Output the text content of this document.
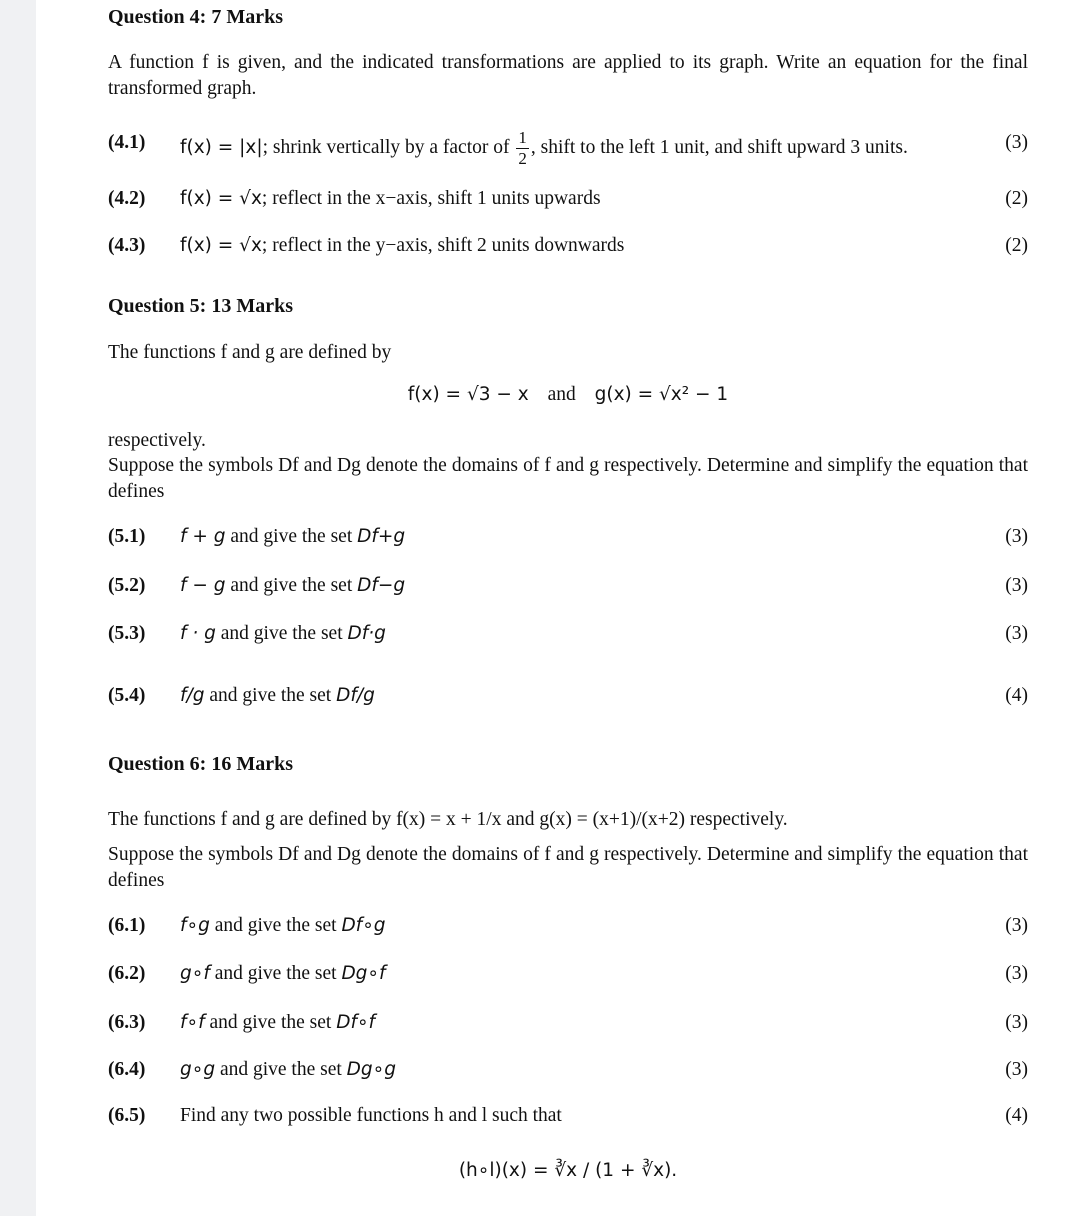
Question 4: 7 Marks
A function f is given, and the indicated transformations are applied to its graph. Write an equation for the final transformed graph.
(4.1) f(x) = |x|; shrink vertically by a factor of $\frac{1}{2}$ , shift to the left 1 unit, and shift upward 3 units.	(3)
(4.2) f(x) = √x; reflect in the x−axis, shift 1 units upwards	(2)
(4.3) f(x) = √x; reflect in the y−axis, shift 2 units downwards	(2)
Question 5: 13 Marks
The functions f and g are defined by
f(x) = √3 − x and g(x) = √x² − 1
respectively.
Suppose the symbols Df and Dg denote the domains of f and g respectively. Determine and simplify the equation that defines
(5.1) f + g and give the set Df+g	(3)
(5.2) f − g and give the set Df−g	(3)
(5.3) f · g and give the set Df·g	(3)
(5.4) f/g and give the set Df/g	(4)
Question 6: 16 Marks
The functions f and g are defined by f(x) = x + 1/x and g(x) = (x+1)/(x+2) respectively.
Suppose the symbols Df and Dg denote the domains of f and g respectively. Determine and simplify the equation that defines
(6.1) f∘g and give the set Df∘g	(3)
(6.2) g∘f and give the set Dg∘f	(3)
(6.3) f∘f and give the set Df∘f	(3)
(6.4) g∘g and give the set Dg∘g	(3)
(6.5) Find any two possible functions h and l such that	(4)
(h∘l)(x) = ∛x / (1 + ∛x).
